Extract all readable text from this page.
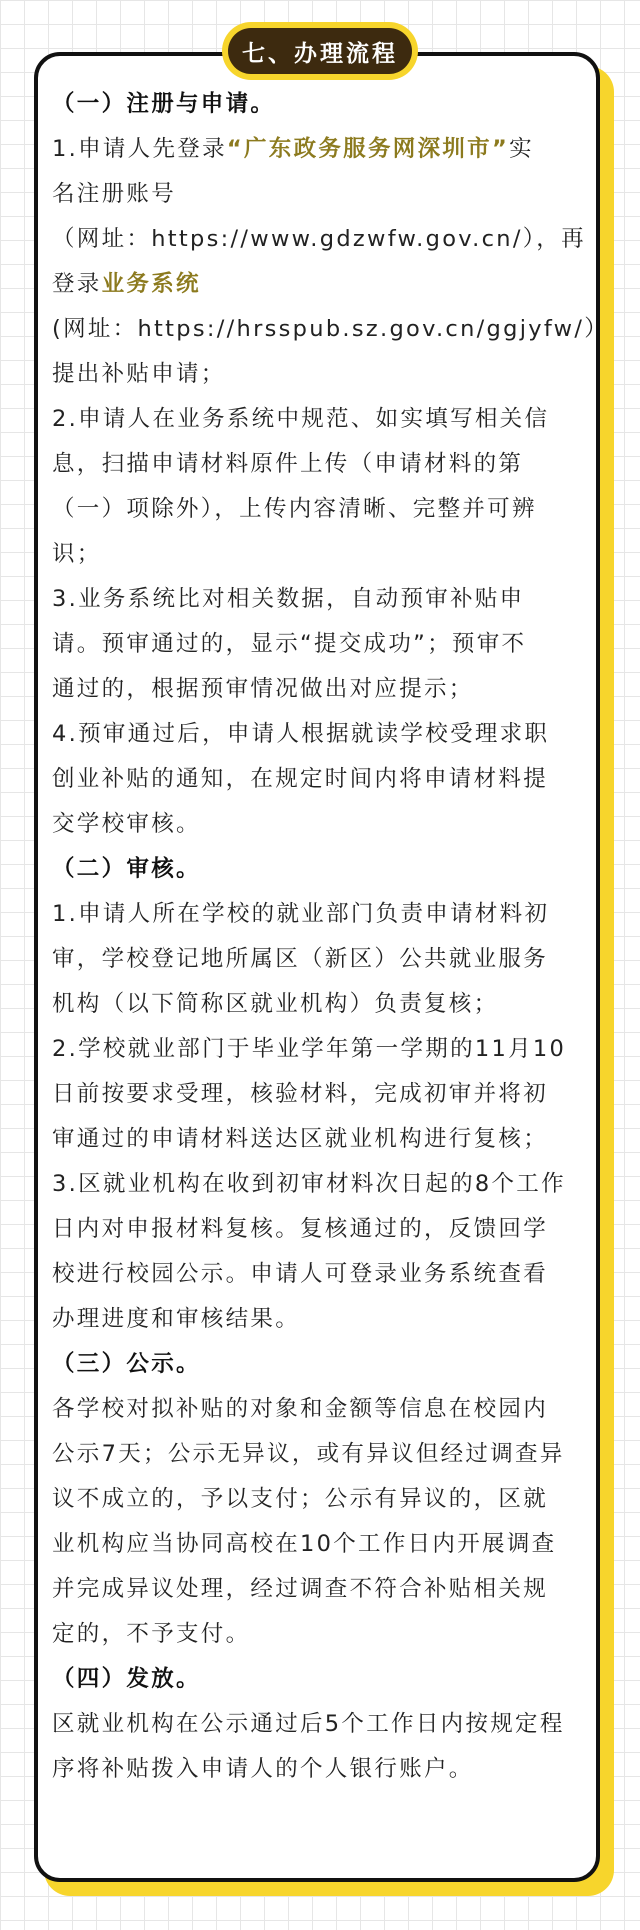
七、办理流程
（一）注册与申请。
1.申请人先登录“广东政务服务网深圳市”实
名注册账号
（网址：https://www.gdzwfw.gov.cn/），再
登录业务系统
(网址：https://hrsspub.sz.gov.cn/ggjyfw/）
提出补贴申请；
2.申请人在业务系统中规范、如实填写相关信
息，扫描申请材料原件上传（申请材料的第
（一）项除外），上传内容清晰、完整并可辨
识；
3.业务系统比对相关数据，自动预审补贴申
请。预审通过的，显示“提交成功”；预审不
通过的，根据预审情况做出对应提示；
4.预审通过后，申请人根据就读学校受理求职
创业补贴的通知，在规定时间内将申请材料提
交学校审核。
（二）审核。
1.申请人所在学校的就业部门负责申请材料初
审，学校登记地所属区（新区）公共就业服务
机构（以下简称区就业机构）负责复核；
2.学校就业部门于毕业学年第一学期的11月10
日前按要求受理，核验材料，完成初审并将初
审通过的申请材料送达区就业机构进行复核；
3.区就业机构在收到初审材料次日起的8个工作
日内对申报材料复核。复核通过的，反馈回学
校进行校园公示。申请人可登录业务系统查看
办理进度和审核结果。
（三）公示。
各学校对拟补贴的对象和金额等信息在校园内
公示7天；公示无异议，或有异议但经过调查异
议不成立的，予以支付；公示有异议的，区就
业机构应当协同高校在10个工作日内开展调查
并完成异议处理，经过调查不符合补贴相关规
定的，不予支付。
（四）发放。
区就业机构在公示通过后5个工作日内按规定程
序将补贴拨入申请人的个人银行账户。
